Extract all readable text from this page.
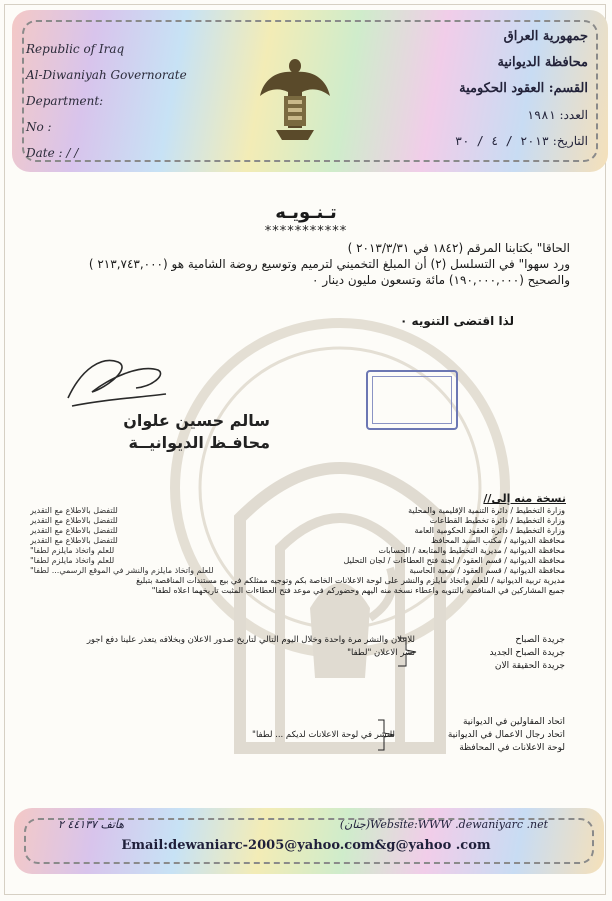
Republic of Iraq
Al-Diwaniyah Governorate
Department:
No :
Date : / /
جمهورية العراق
محافظة الديوانية
القسم: العقود الحكومية
العدد: ١٩٨١
التاريخ: ٢٠١٣ / ٤ / ٣٠
تـنـويـه
***********
الحاقا" بكتابنا المرقم (١٨٤٢ في ٢٠١٣/٣/٣١ )
ورد سهوا" في التسلسل (٢) أن المبلغ التخميني لترميم وتوسيع روضة الشامية هو (٢١٣,٧٤٣,٠٠٠ )
والصحيح (١٩٠,٠٠٠,٠٠٠) مائة وتسعون مليون دينار ٠
لذا اقتضى التنويه ٠
سالم حسين علوان
محافـظ الديوانيــة
نسخة منه إلى//
وزارة التخطيط / دائرة التنمية الإقليمية والمحلية
للتفضل بالاطلاع مع التقدير
وزارة التخطيط / دائرة تخطيط القطاعات
للتفضل بالاطلاع مع التقدير
وزارة التخطيط / دائرة العقود الحكومية العامة
للتفضل بالاطلاع مع التقدير
محافظة الديوانية / مكتب السيد المحافظ
للتفضل بالاطلاع مع التقدير
محافظة الديوانية / مديرية التخطيط والمتابعة / الحسابات
للعلم واتخاذ مايلزم لطفا"
محافظة الديوانية / قسم العقود / لجنة فتح العطاءات / لجان التحليل
للعلم واتخاذ مايلزم لطفا"
محافظة الديوانية / قسم العقود / شعبة الحاسبة
للعلم واتخاذ مايلزم والنشر في الموقع الرسمي... لطفا"
مديرية تربية الديوانية / للعلم واتخاذ مايلزم والنشر على لوحة الاعلانات الخاصة بكم وتوجيه ممثلكم في بيع مستندات المناقصة بتبليغ
جميع المشاركين في المناقصة بالتنويه واعطاء نسخة منه اليهم وحضوركم في موعد فتح العطاءات المثبت تاريخهما اعلاه لطفا"
جريدة الصباح
جريدة الصباح الجديد
جريدة الحقيقة الان
للاعلان والنشر مرة واحدة وخلال اليوم التالي لتاريخ صدور الاعلان وبخلافه يتعذر علينا دفع اجور
نشر الاعلان "لطفا"
اتحاد المقاولين في الديوانية
اتحاد رجال الاعمال في الديوانية
لوحة الاعلانات في المحافظة
للنشر في لوحة الاعلانات لديكم ... لطفا"
هاتف ٤٤١٣٧ ٢	(جنان)Website:WWW .dewaniyarc .net
Email:dewaniarc-2005@yahoo.com&g@yahoo .com
